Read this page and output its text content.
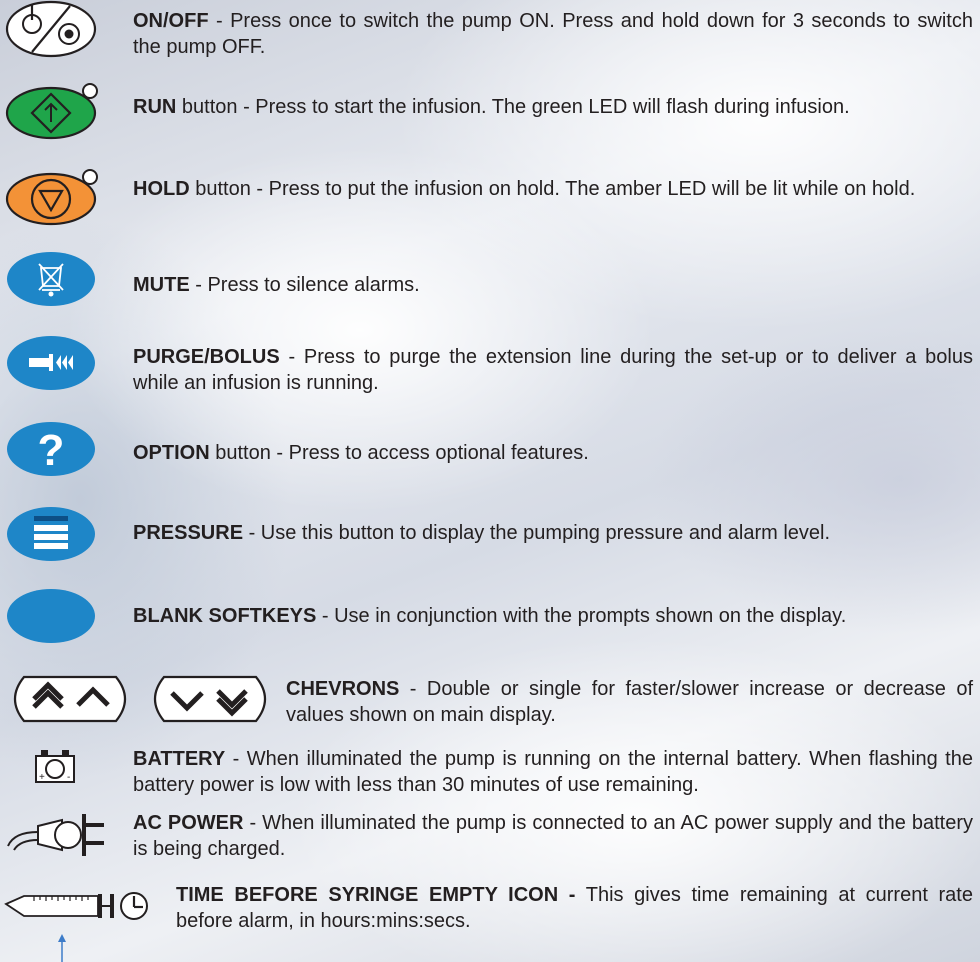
ON/OFF - Press once to switch the pump ON. Press and hold down for 3 seconds to switch the pump OFF.
RUN button - Press to start the infusion. The green LED will flash during infusion.
HOLD button - Press to put the infusion on hold. The amber LED will be lit while on hold.
MUTE - Press to silence alarms.
PURGE/BOLUS - Press to purge the extension line during the set-up or to deliver a bolus while an infusion is running.
?	OPTION button - Press to access optional features.
PRESSURE - Use this button to display the pumping pressure and alarm level.
BLANK SOFTKEYS - Use in conjunction with the prompts shown on the display.
CHEVRONS - Double or single for faster/slower increase or decrease of values shown on main display.
+ -
BATTERY - When illuminated the pump is running on the internal battery. When flashing the battery power is low with less than 30 minutes of use remaining.
AC POWER - When illuminated the pump is connected to an AC power supply and the battery is being charged.
TIME BEFORE SYRINGE EMPTY ICON - This gives time remaining at current rate before alarm, in hours:mins:secs.
